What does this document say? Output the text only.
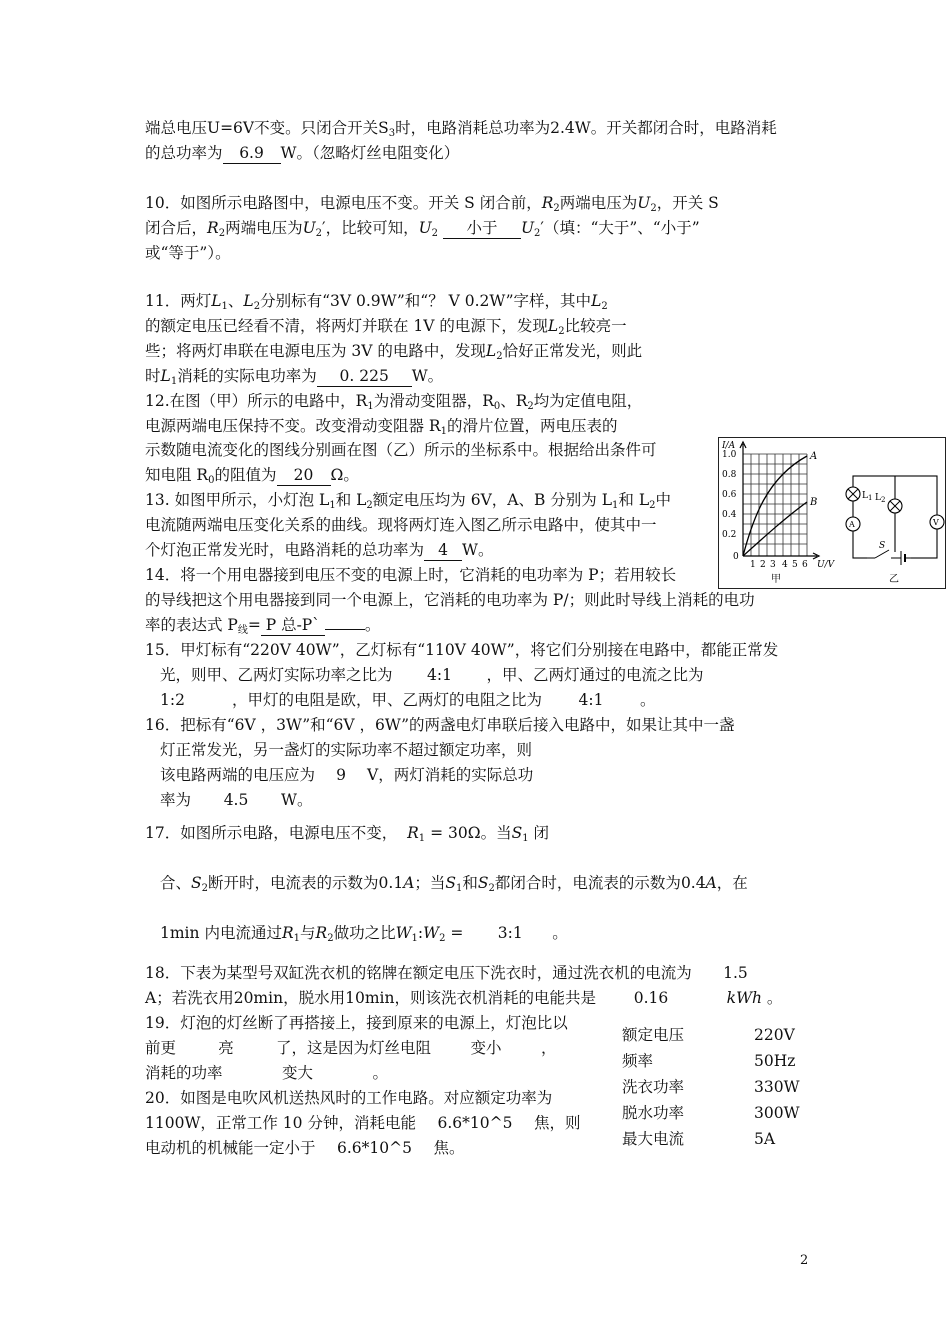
端总电压U=6V不变。只闭合开关$S_3$时，电路消耗总功率为2.4W。开关都闭合时，电路消耗
的总功率为 6.9 W。（忽略灯丝电阻变化）
10．如图所示电路图中，电源电压不变。开关 S 闭合前，$R_2$两端电压为$U_2$，开关 S
闭合后，$R_2$两端电压为$U_2'$，比较可知，$U_2$ 小于 $U_2'$（填：“大于”、“小于”
或“等于”）。
11．两灯$L_1$、$L_2$分别标有“3V 0.9W”和“？ V 0.2W”字样，其中$L_2$
的额定电压已经看不清，将两灯并联在 1V 的电源下，发现$L_2$比较亮一
些；将两灯串联在电源电压为 3V 的电路中，发现$L_2$恰好正常发光，则此
时$L_1$消耗的实际电功率为 0. 225 W。
12.在图（甲）所示的电路中，$R_1$为滑动变阻器，$R_0$、$R_2$均为定值电阻，
电源两端电压保持不变。改变滑动变阻器 $R_1$的滑片位置，两电压表的
示数随电流变化的图线分别画在图（乙）所示的坐标系中。根据给出条件可
知电阻 $R_0$的阻值为 20 Ω。
13. 如图甲所示，小灯泡 $L_1$和 $L_2$额定电压均为 6V，A、B 分别为 $L_1$和 $L_2$中
电流随两端电压变化关系的曲线。现将两灯连入图乙所示电路中，使其中一
个灯泡正常发光时，电路消耗的总功率为 4 W。
14．将一个用电器接到电压不变的电源上时，它消耗的电功率为 P；若用较长
的导线把这个用电器接到同一个电源上，它消耗的电功率为 P/；则此时导线上消耗的电功
率的表达式 $P_线= P$ 总-P`	。
15．甲灯标有“220V 40W”，乙灯标有“110V 40W”，将它们分别接在电路中，都能正常发
光，则甲、乙两灯实际功率之比为 4:1 ，甲、乙两灯通过的电流之比为
1:2	，甲灯的电阻是欧，甲、乙两灯的电阻之比为 4:1 。
16．把标有“6V ，3W”和“6V ，6W”的两盏电灯串联后接入电路中，如果让其中一盏
灯正常发光，另一盏灯的实际功率不超过额定功率，则
该电路两端的电压应为 9 V，两灯消耗的实际总功
率为 4.5 W。
17．如图所示电路，电源电压不变， $R_1 = 30\Omega$。当$S_1$ 闭
合、$S_2$断开时，电流表的示数为0.1A；当$S_1$和$S_2$都闭合时，电流表的示数为0.4A，在
1min 内电流通过$R_1$与$R_2$做功之比$W_1:W_2$ = 3:1 。
18．下表为某型号双缸洗衣机的铭牌在额定电压下洗衣时，通过洗衣机的电流为 1.5
A；若洗衣用20min，脱水用10min，则该洗衣机消耗的电能共是 0.16	kWh 。
19．灯泡的灯丝断了再搭接上，接到原来的电源上，灯泡比以
前更	亮	了，这是因为灯丝电阻	变小	，
消耗的功率	变大	。
20．如图是电吹风机送热风时的工作电路。对应额定功率为
1100W，正常工作 10 分钟，消耗电能 6.6*10^5 焦，则
电动机的机械能一定小于 6.6*10^5 焦。
额定电压	220V
频率	50Hz
洗衣功率	330W
脱水功率	300W
最大电流	5A
A
B
I/A
1.0
0.8
0.6
0.4
0.2
0
1 2 3 4 5 6 U/V
甲
$L_1$ $L_2$
A	V
S
乙
2
